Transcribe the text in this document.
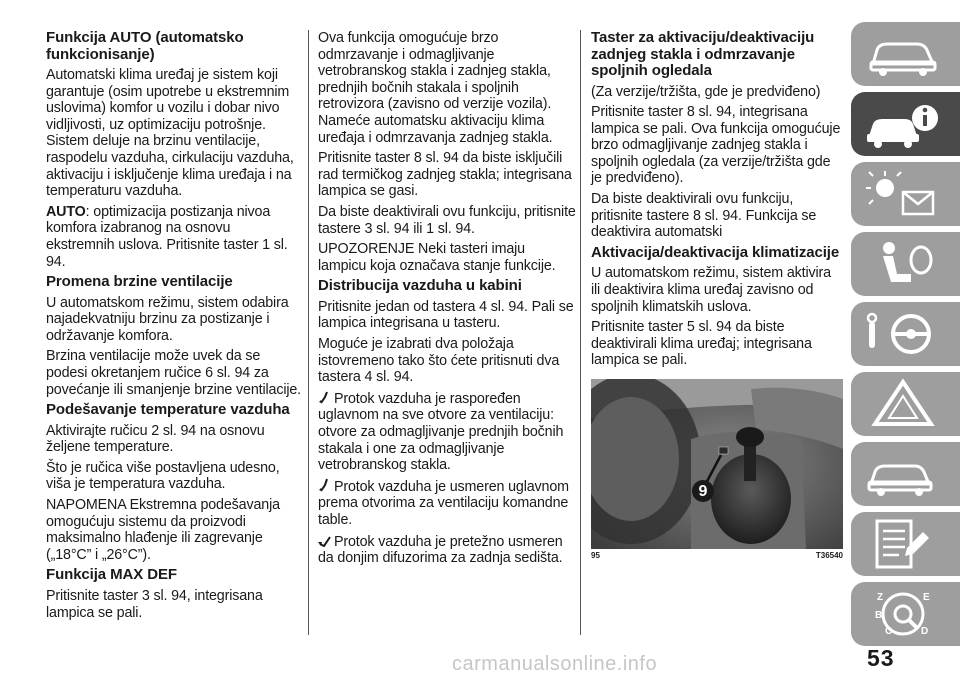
Funkcija AUTO (automatsko funkcionisanje)
Automatski klima uređaj je sistem koji garantuje (osim upotrebe u ekstremnim uslovima) komfor u vozilu i dobar nivo vidljivosti, uz optimizaciju potrošnje. Sistem deluje na brzinu ventilacije, raspodelu vazduha, cirkulaciju vazduha, aktivaciju i isključenje klima uređaja i na temperaturu vazduha.
AUTO: optimizacija postizanja nivoa komfora izabranog na osnovu ekstremnih uslova. Pritisnite taster 1 sl. 94.
Promena brzine ventilacije
U automatskom režimu, sistem odabira najadekvatniju brzinu za postizanje i održavanje komfora.
Brzina ventilacije može uvek da se podesi okretanjem ručice 6 sl. 94 za povećanje ili smanjenje brzine ventilacije.
Podešavanje temperature vazduha
Aktivirajte ručicu 2 sl. 94 na osnovu željene temperature.
Što je ručica više postavljena udesno, viša je temperatura vazduha.
NAPOMENA Ekstremna podešavanja omogućuju sistemu da proizvodi maksimalno hlađenje ili zagrevanje („18°C” i „26°C”).
Funkcija MAX DEF
Pritisnite taster 3 sl. 94, integrisana lampica se pali.
Ova funkcija omogućuje brzo odmrzavanje i odmagljivanje vetrobranskog stakla i zadnjeg stakla, prednjih bočnih stakala i spoljnih retrovizora (zavisno od verzije vozila). Nameće automatsku aktivaciju klima uređaja i odmrzavanja zadnjeg stakla.
Pritisnite taster 8 sl. 94 da biste isključili rad termičkog zadnjeg stakla; integrisana lampica se gasi.
Da biste deaktivirali ovu funkciju, pritisnite tastere 3 sl. 94 ili 1 sl. 94.
UPOZORENJE Neki tasteri imaju lampicu koja označava stanje funkcije.
Distribucija vazduha u kabini
Pritisnite jedan od tastera 4 sl. 94. Pali se lampica integrisana u tasteru.
Moguće je izabrati dva položaja istovremeno tako što ćete pritisnuti dva tastera 4 sl. 94.
Protok vazduha je raspoređen uglavnom na sve otvore za ventilaciju: otvore za odmagljivanje prednjih bočnih stakala i one za odmagljivanje vetrobranskog stakla.
Protok vazduha je usmeren uglavnom prema otvorima za ventilaciju komandne table.
Protok vazduha je pretežno usmeren da donjim difuzorima za zadnja sedišta.
Taster za aktivaciju/deaktivaciju zadnjeg stakla i odmrzavanje spoljnih ogledala
(Za verzije/tržišta, gde je predviđeno)
Pritisnite taster 8 sl. 94, integrisana lampica se pali. Ova funkcija omogućuje brzo odmagljivanje zadnjeg stakla i spoljnih ogledala (za verzije/tržišta gde je predviđeno).
Da biste deaktivirali ovu funkciju, pritisnite tastere 8 sl. 94. Funkcija se deaktivira automatski
Aktivacija/deaktivacija klimatizacije
U automatskom režimu, sistem aktivira ili deaktivira klima uređaj zavisno od spoljnih klimatskih uslova.
Pritisnite taster 5 sl. 94 da biste deaktivirali klima uređaj; integrisana lampica se pali.
9
95	T36540
Z	E
B
C	D
53
carmanualsonline.info
